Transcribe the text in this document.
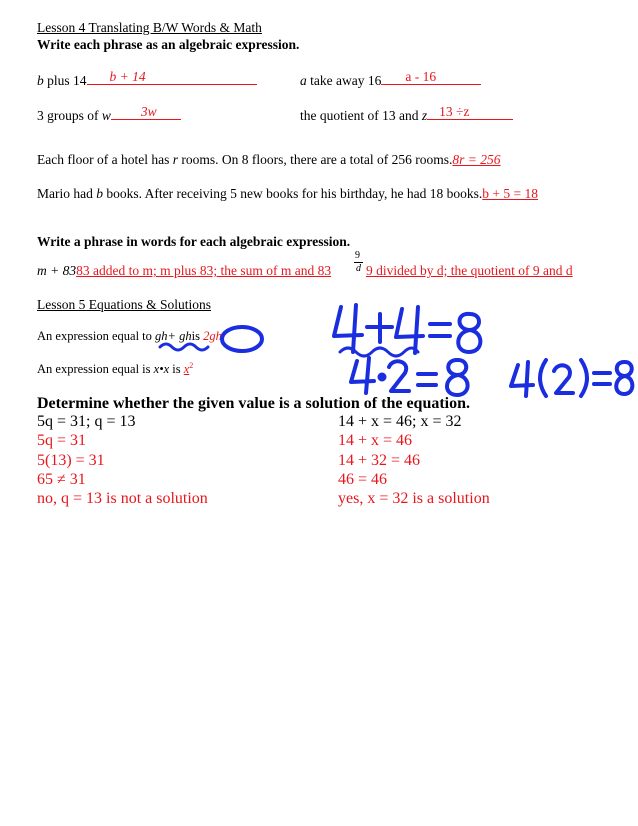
Lesson 4 Translating B/W Words & Math
Write each phrase as an algebraic expression.
b plus 14 b + 14	a take away 16 a - 16
3 groups of w 3w	the quotient of 13 and z 13 ÷z
Each floor of a hotel has r rooms. On 8 floors, there are a total of 256 rooms.8r = 256
Mario had b books. After receiving 5 new books for his birthday, he had 18 books.b + 5 = 18
Write a phrase in words for each algebraic expression.
m + 8383 added to m; m plus 83; the sum of m and 83
9
d 9 divided by d; the quotient of 9 and d
Lesson 5 Equations & Solutions
An expression equal to gh+ ghis 2gh
An expression equal is x•x is $x^2$
Determine whether the given value is a solution of the equation.
5q = 31; q = 13
5q = 31
5(13) = 31
65 ≠ 31
no, q = 13 is not a solution
14 + x = 46; x = 32
14 + x = 46
14 + 32 = 46
46 = 46
yes, x = 32 is a solution
